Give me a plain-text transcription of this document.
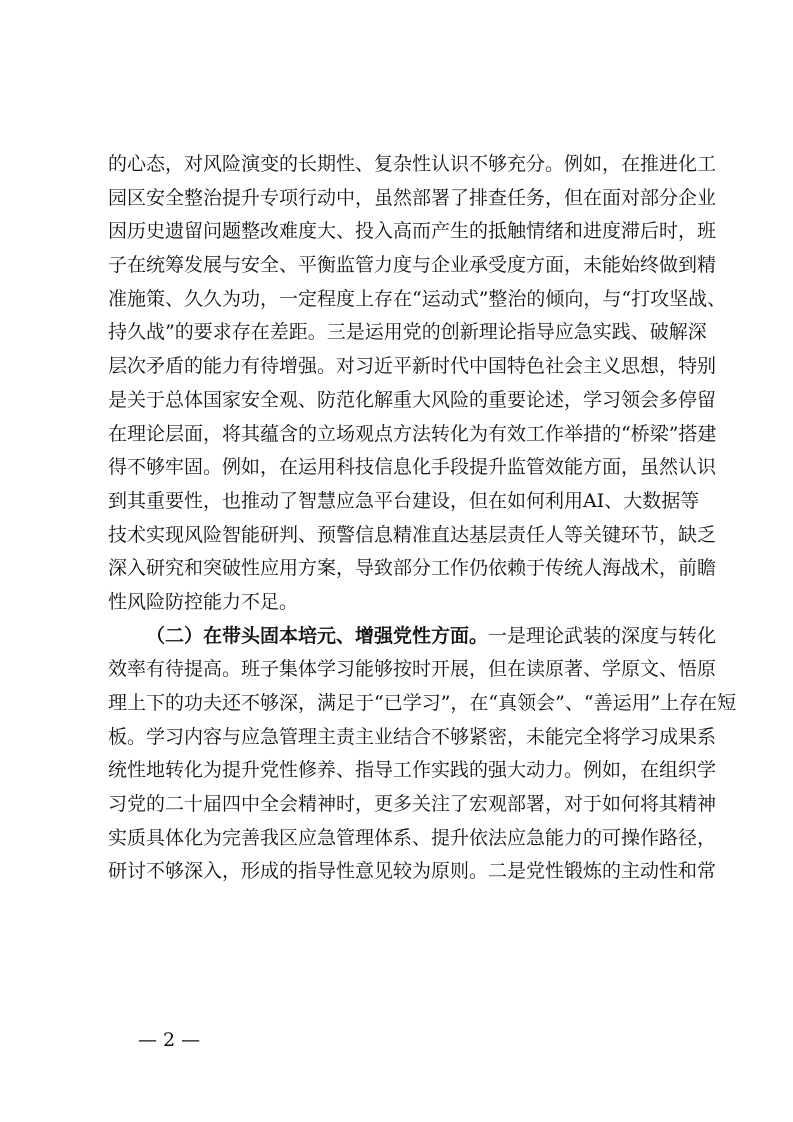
的心态，对风险演变的长期性、复杂性认识不够充分。例如，在推进化工
园区安全整治提升专项行动中，虽然部署了排查任务，但在面对部分企业
因历史遗留问题整改难度大、投入高而产生的抵触情绪和进度滞后时，班
子在统筹发展与安全、平衡监管力度与企业承受度方面，未能始终做到精
准施策、久久为功，一定程度上存在“运动式”整治的倾向，与“打攻坚战、
持久战”的要求存在差距。三是运用党的创新理论指导应急实践、破解深
层次矛盾的能力有待增强。对习近平新时代中国特色社会主义思想，特别
是关于总体国家安全观、防范化解重大风险的重要论述，学习领会多停留
在理论层面，将其蕴含的立场观点方法转化为有效工作举措的“桥梁”搭建
得不够牢固。例如，在运用科技信息化手段提升监管效能方面，虽然认识
到其重要性，也推动了智慧应急平台建设，但在如何利用AI、大数据等
技术实现风险智能研判、预警信息精准直达基层责任人等关键环节，缺乏
深入研究和突破性应用方案，导致部分工作仍依赖于传统人海战术，前瞻
性风险防控能力不足。
（二）在带头固本培元、增强党性方面。一是理论武装的深度与转化
效率有待提高。班子集体学习能够按时开展，但在读原著、学原文、悟原
理上下的功夫还不够深，满足于“已学习”，在“真领会”、“善运用”上存在短
板。学习内容与应急管理主责主业结合不够紧密，未能完全将学习成果系
统性地转化为提升党性修养、指导工作实践的强大动力。例如，在组织学
习党的二十届四中全会精神时，更多关注了宏观部署，对于如何将其精神
实质具体化为完善我区应急管理体系、提升依法应急能力的可操作路径，
研讨不够深入，形成的指导性意见较为原则。二是党性锻炼的主动性和常
— 2 —
